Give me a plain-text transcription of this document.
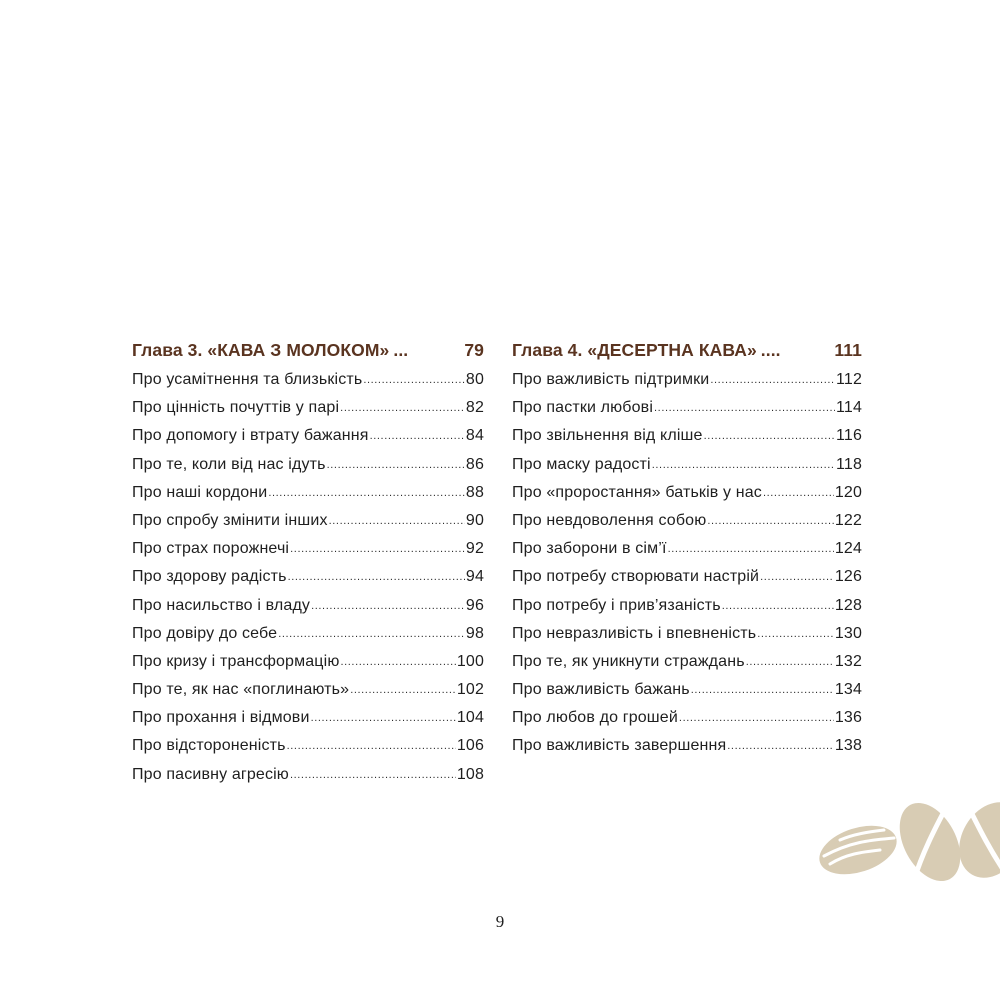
Глава 3. «КАВА З МОЛОКОМ» ...	79
Про усамітнення та близькість .....	80
Про цінність почуттів у парі .....	82
Про допомогу і втрату бажання .....	84
Про те, коли від нас ідуть .....	86
Про наші кордони .....	88
Про спробу змінити інших .....	90
Про страх порожнечі .....	92
Про здорову радість .....	94
Про насильство і владу .....	96
Про довіру до себе .....	98
Про кризу і трансформацію .....	100
Про те, як нас «поглинають» .....	102
Про прохання і відмови .....	104
Про відстороненість .....	106
Про пасивну агресію .....	108
Глава 4. «ДЕСЕРТНА КАВА» ....	111
Про важливість підтримки .....	112
Про пастки любові .....	114
Про звільнення від кліше .....	116
Про маску радості .....	118
Про «проростання» батьків у нас .....	120
Про невдоволення собою .....	122
Про заборони в сім’ї .....	124
Про потребу створювати настрій .....	126
Про потребу і прив’язаність .....	128
Про невразливість і впевненість .....	130
Про те, як уникнути страждань .....	132
Про важливість бажань .....	134
Про любов до грошей .....	136
Про важливість завершення .....	138
9
